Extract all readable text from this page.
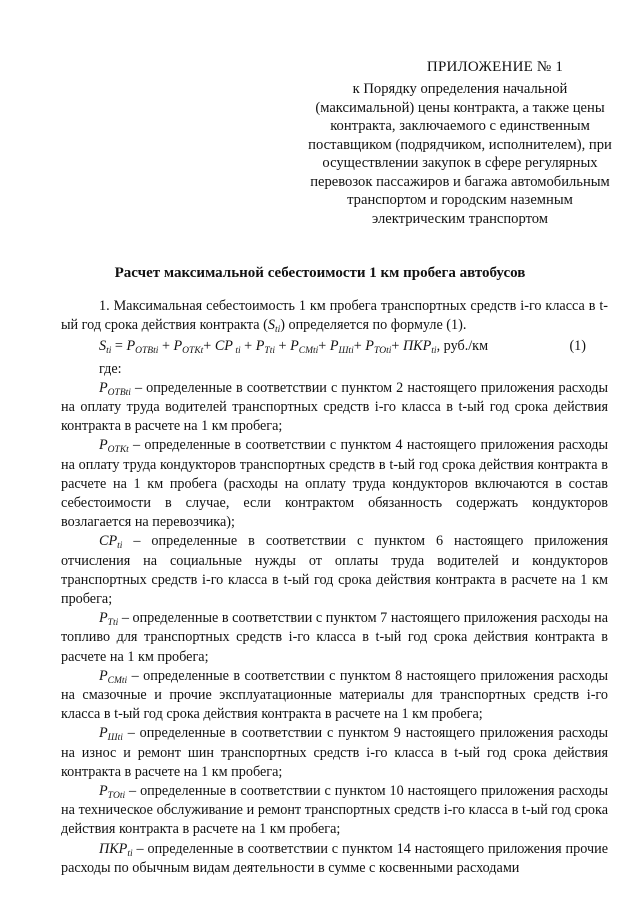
ПРИЛОЖЕНИЕ № 1
к Порядку определения начальной (максимальной) цены контракта, а также цены контракта, заключаемого с единственным поставщиком (подрядчиком, исполнителем), при осуществлении закупок в сфере регулярных перевозок пассажиров и багажа автомобильным транспортом и городским наземным электрическим транспортом
Расчет максимальной себестоимости 1 км пробега автобусов

1. Максимальная себестоимость 1 км пробега транспортных средств i-го класса в t-ый год срока действия контракта $(S_{ti})$ определяется по формуле (1).

$S_{ti} = P_{ОТВti} + P_{ОТКt}+$ CP $_{ti} + P_{Tti} + P_{СМti}+ P_{Шti}+ P_{ТОti}+ ПКР_{ti}$, руб./км	(1)

где:

$P_{ОТВti}$ – определенные в соответствии с пунктом 2 настоящего приложения расходы на оплату труда водителей транспортных средств i-го класса в t-ый год срока действия контракта в расчете на 1 км пробега;

$P_{ОТКt}$ – определенные в соответствии с пунктом 4 настоящего приложения расходы на оплату труда кондукторов транспортных средств в t-ый год срока действия контракта в расчете на 1 км пробега (расходы на оплату труда кондукторов включаются в состав себестоимости в случае, если контрактом обязанность содержать кондукторов возлагается на перевозчика);

$CP_{ti}$ – определенные в соответствии с пунктом 6 настоящего приложения отчисления на социальные нужды от оплаты труда водителей и кондукторов транспортных средств i-го класса в t-ый год срока действия контракта в расчете на 1 км пробега;

$P_{Tti}$ – определенные в соответствии с пунктом 7 настоящего приложения расходы на топливо для транспортных средств i-го класса в t-ый год срока действия контракта в расчете на 1 км пробега;

$P_{СМti}$ – определенные в соответствии с пунктом 8 настоящего приложения расходы на смазочные и прочие эксплуатационные материалы для транспортных средств i-го класса в t-ый год срока действия контракта в расчете на 1 км пробега;

$P_{Шti}$ – определенные в соответствии с пунктом 9 настоящего приложения расходы на износ и ремонт шин транспортных средств i-го класса в t-ый год срока действия контракта в расчете на 1 км пробега;

$P_{ТОti}$ – определенные в соответствии с пунктом 10 настоящего приложения расходы на техническое обслуживание и ремонт транспортных средств i-го класса в t-ый год срока действия контракта в расчете на 1 км пробега;

$ПКР_{ti}$ – определенные в соответствии с пунктом 14 настоящего приложения прочие расходы по обычным видам деятельности в сумме с косвенными расходами
